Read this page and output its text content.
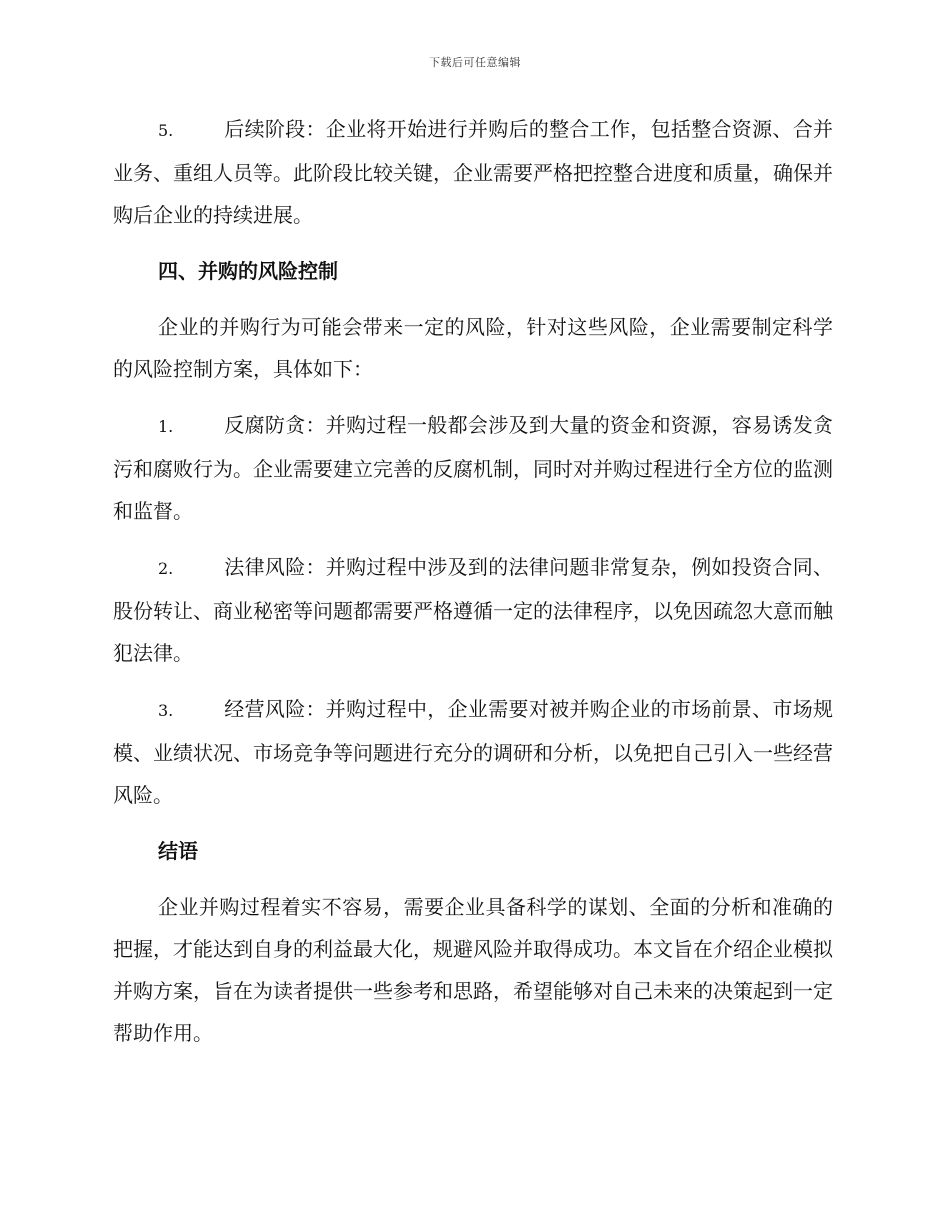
下载后可任意编辑

5.	后续阶段：企业将开始进行并购后的整合工作，包括整合资源、合并业务、重组人员等。此阶段比较关键，企业需要严格把控整合进度和质量，确保并购后企业的持续进展。

四、并购的风险控制

企业的并购行为可能会带来一定的风险，针对这些风险，企业需要制定科学的风险控制方案，具体如下：

1.	反腐防贪：并购过程一般都会涉及到大量的资金和资源，容易诱发贪污和腐败行为。企业需要建立完善的反腐机制，同时对并购过程进行全方位的监测和监督。

2.	法律风险：并购过程中涉及到的法律问题非常复杂，例如投资合同、股份转让、商业秘密等问题都需要严格遵循一定的法律程序，以免因疏忽大意而触犯法律。

3.	经营风险：并购过程中，企业需要对被并购企业的市场前景、市场规模、业绩状况、市场竞争等问题进行充分的调研和分析，以免把自己引入一些经营风险。

结语

企业并购过程着实不容易，需要企业具备科学的谋划、全面的分析和准确的把握，才能达到自身的利益最大化，规避风险并取得成功。本文旨在介绍企业模拟并购方案，旨在为读者提供一些参考和思路，希望能够对自己未来的决策起到一定帮助作用。
